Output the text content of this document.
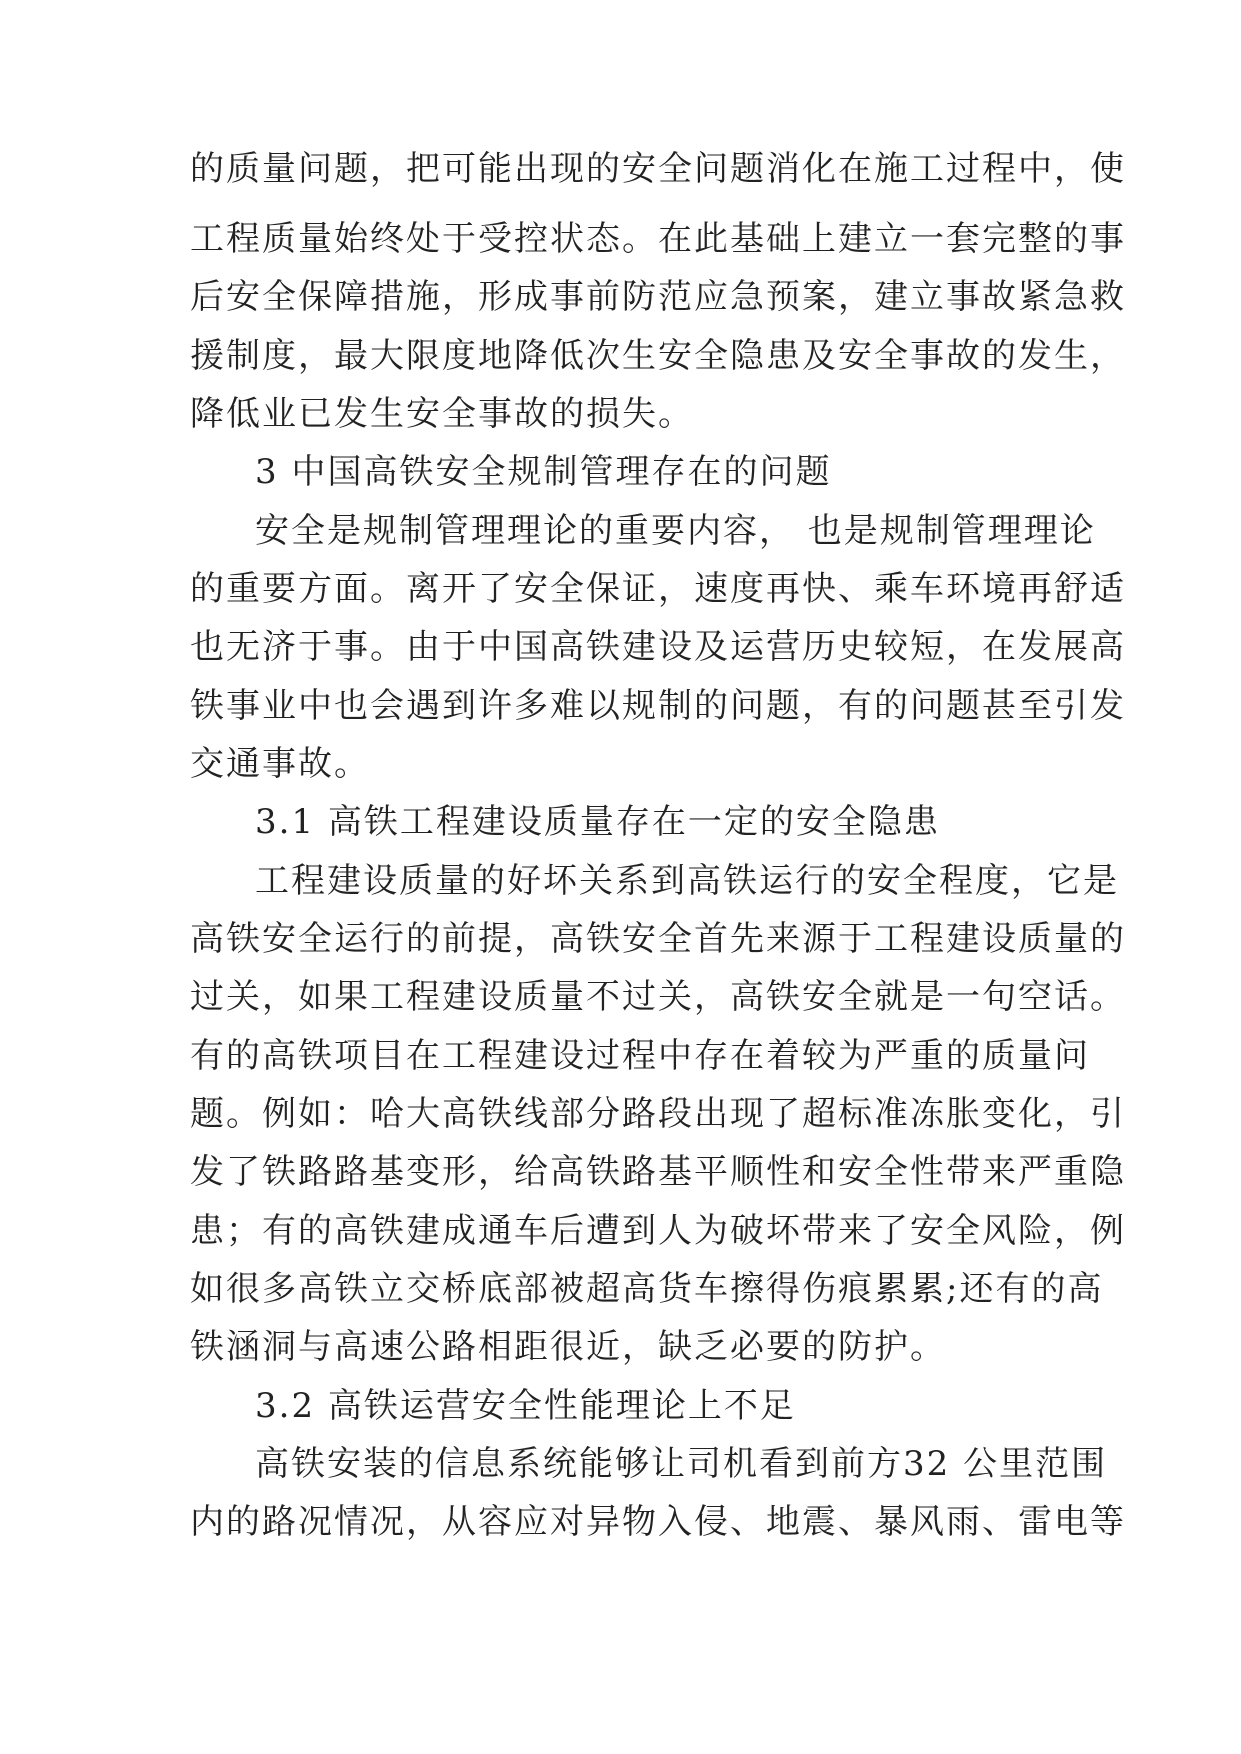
的质量问题，把可能出现的安全问题消化在施工过程中，使
工程质量始终处于受控状态。在此基础上建立一套完整的事
后安全保障措施，形成事前防范应急预案，建立事故紧急救
援制度，最大限度地降低次生安全隐患及安全事故的发生，
降低业已发生安全事故的损失。
3 中国高铁安全规制管理存在的问题
安全是规制管理理论的重要内容， 也是规制管理理论
的重要方面。离开了安全保证，速度再快、乘车环境再舒适
也无济于事。由于中国高铁建设及运营历史较短，在发展高
铁事业中也会遇到许多难以规制的问题，有的问题甚至引发
交通事故。
3.1 高铁工程建设质量存在一定的安全隐患
工程建设质量的好坏关系到高铁运行的安全程度，它是
高铁安全运行的前提，高铁安全首先来源于工程建设质量的
过关，如果工程建设质量不过关，高铁安全就是一句空话。
有的高铁项目在工程建设过程中存在着较为严重的质量问
题。例如：哈大高铁线部分路段出现了超标准冻胀变化，引
发了铁路路基变形，给高铁路基平顺性和安全性带来严重隐
患；有的高铁建成通车后遭到人为破坏带来了安全风险，例
如很多高铁立交桥底部被超高货车擦得伤痕累累;还有的高
铁涵洞与高速公路相距很近，缺乏必要的防护。
3.2 高铁运营安全性能理论上不足
高铁安装的信息系统能够让司机看到前方32 公里范围
内的路况情况，从容应对异物入侵、地震、暴风雨、雷电等
